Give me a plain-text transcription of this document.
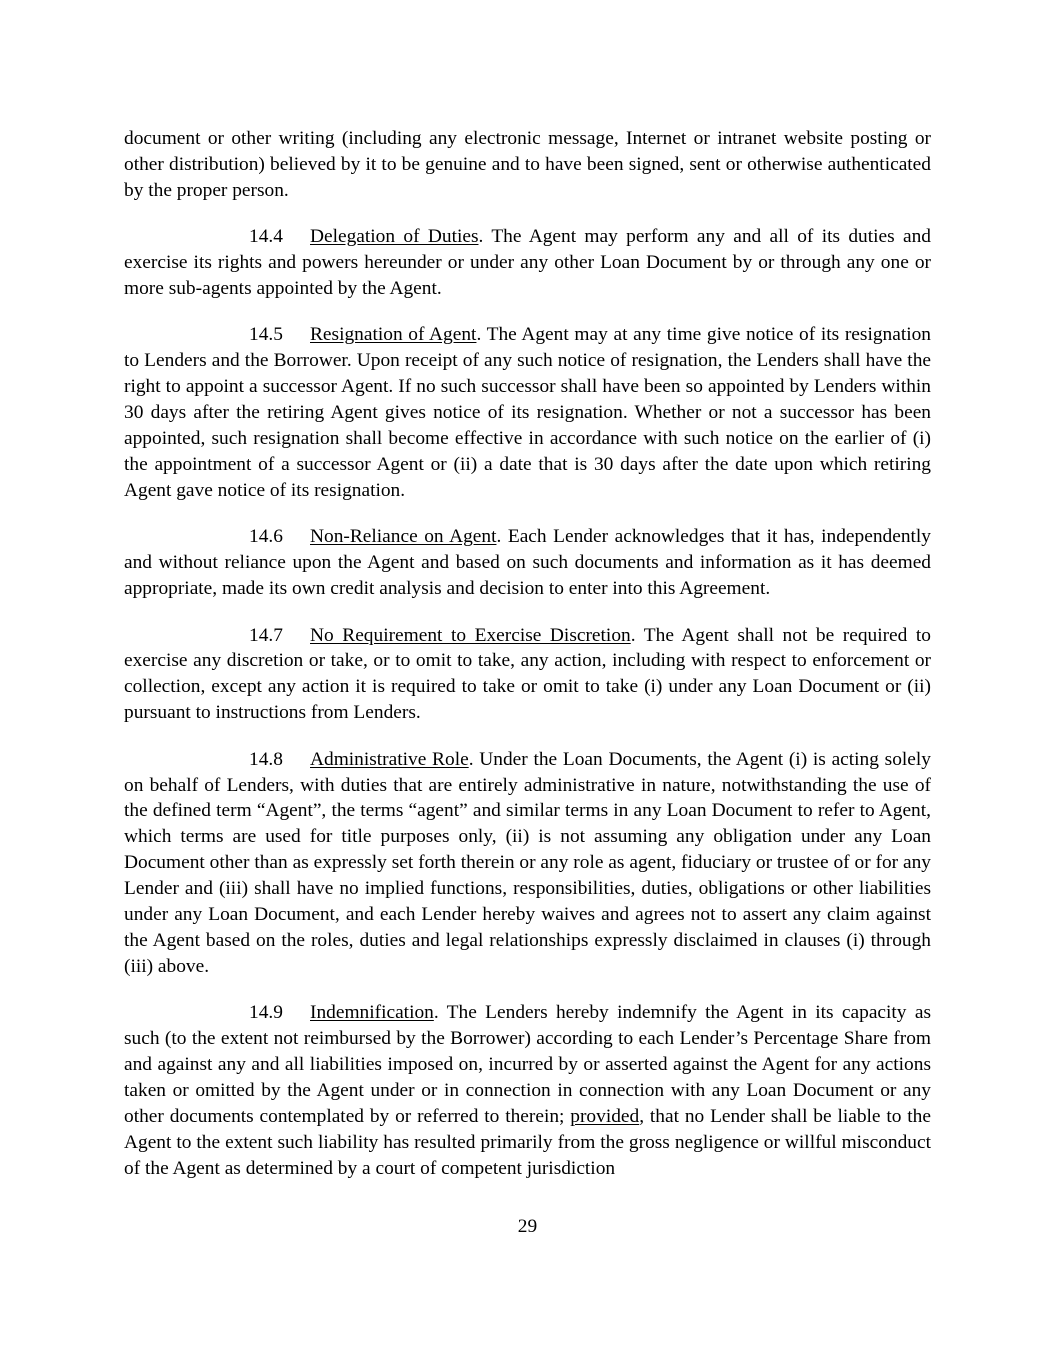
document or other writing (including any electronic message, Internet or intranet website posting or other distribution) believed by it to be genuine and to have been signed, sent or otherwise authenticated by the proper person.

14.4 Delegation of Duties. The Agent may perform any and all of its duties and exercise its rights and powers hereunder or under any other Loan Document by or through any one or more sub-agents appointed by the Agent.

14.5 Resignation of Agent. The Agent may at any time give notice of its resignation to Lenders and the Borrower. Upon receipt of any such notice of resignation, the Lenders shall have the right to appoint a successor Agent. If no such successor shall have been so appointed by Lenders within 30 days after the retiring Agent gives notice of its resignation. Whether or not a successor has been appointed, such resignation shall become effective in accordance with such notice on the earlier of (i) the appointment of a successor Agent or (ii) a date that is 30 days after the date upon which retiring Agent gave notice of its resignation.

14.6 Non-Reliance on Agent. Each Lender acknowledges that it has, independently and without reliance upon the Agent and based on such documents and information as it has deemed appropriate, made its own credit analysis and decision to enter into this Agreement.

14.7 No Requirement to Exercise Discretion. The Agent shall not be required to exercise any discretion or take, or to omit to take, any action, including with respect to enforcement or collection, except any action it is required to take or omit to take (i) under any Loan Document or (ii) pursuant to instructions from Lenders.

14.8 Administrative Role. Under the Loan Documents, the Agent (i) is acting solely on behalf of Lenders, with duties that are entirely administrative in nature, notwithstanding the use of the defined term “Agent”, the terms “agent” and similar terms in any Loan Document to refer to Agent, which terms are used for title purposes only, (ii) is not assuming any obligation under any Loan Document other than as expressly set forth therein or any role as agent, fiduciary or trustee of or for any Lender and (iii) shall have no implied functions, responsibilities, duties, obligations or other liabilities under any Loan Document, and each Lender hereby waives and agrees not to assert any claim against the Agent based on the roles, duties and legal relationships expressly disclaimed in clauses (i) through (iii) above.

14.9 Indemnification. The Lenders hereby indemnify the Agent in its capacity as such (to the extent not reimbursed by the Borrower) according to each Lender’s Percentage Share from and against any and all liabilities imposed on, incurred by or asserted against the Agent for any actions taken or omitted by the Agent under or in connection in connection with any Loan Document or any other documents contemplated by or referred to therein; provided, that no Lender shall be liable to the Agent to the extent such liability has resulted primarily from the gross negligence or willful misconduct of the Agent as determined by a court of competent jurisdiction

29
